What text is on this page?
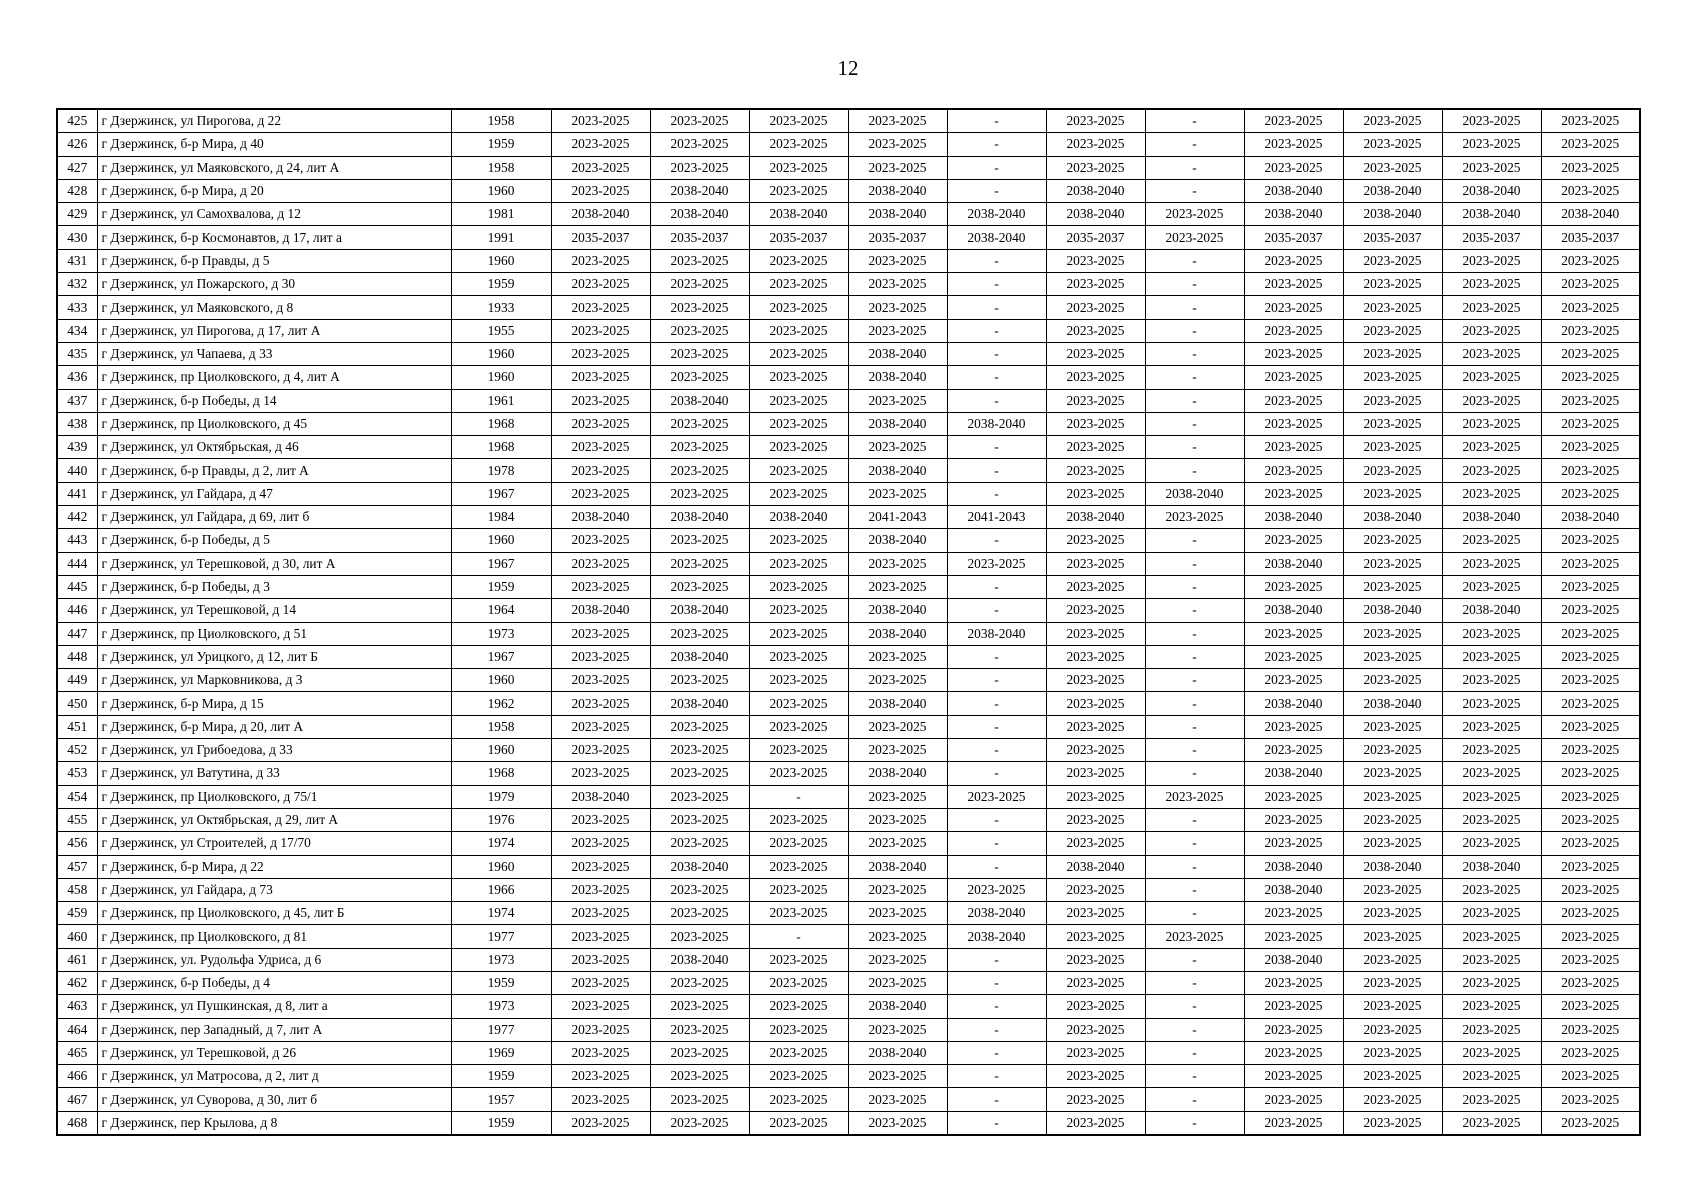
12
425	г Дзержинск, ул Пирогова, д 22	1958	2023-2025	2023-2025	2023-2025	2023-2025	-	2023-2025	-	2023-2025	2023-2025	2023-2025	2023-2025
426	г Дзержинск, б-р Мира, д 40	1959	2023-2025	2023-2025	2023-2025	2023-2025	-	2023-2025	-	2023-2025	2023-2025	2023-2025	2023-2025
427	г Дзержинск, ул Маяковского, д 24, лит А	1958	2023-2025	2023-2025	2023-2025	2023-2025	-	2023-2025	-	2023-2025	2023-2025	2023-2025	2023-2025
428	г Дзержинск, б-р Мира, д 20	1960	2023-2025	2038-2040	2023-2025	2038-2040	-	2038-2040	-	2038-2040	2038-2040	2038-2040	2023-2025
429	г Дзержинск, ул Самохвалова, д 12	1981	2038-2040	2038-2040	2038-2040	2038-2040	2038-2040	2038-2040	2023-2025	2038-2040	2038-2040	2038-2040	2038-2040
430	г Дзержинск, б-р Космонавтов, д 17, лит а	1991	2035-2037	2035-2037	2035-2037	2035-2037	2038-2040	2035-2037	2023-2025	2035-2037	2035-2037	2035-2037	2035-2037
431	г Дзержинск, б-р Правды, д 5	1960	2023-2025	2023-2025	2023-2025	2023-2025	-	2023-2025	-	2023-2025	2023-2025	2023-2025	2023-2025
432	г Дзержинск, ул Пожарского, д 30	1959	2023-2025	2023-2025	2023-2025	2023-2025	-	2023-2025	-	2023-2025	2023-2025	2023-2025	2023-2025
433	г Дзержинск, ул Маяковского, д 8	1933	2023-2025	2023-2025	2023-2025	2023-2025	-	2023-2025	-	2023-2025	2023-2025	2023-2025	2023-2025
434	г Дзержинск, ул Пирогова, д 17, лит А	1955	2023-2025	2023-2025	2023-2025	2023-2025	-	2023-2025	-	2023-2025	2023-2025	2023-2025	2023-2025
435	г Дзержинск, ул Чапаева, д 33	1960	2023-2025	2023-2025	2023-2025	2038-2040	-	2023-2025	-	2023-2025	2023-2025	2023-2025	2023-2025
436	г Дзержинск, пр Циолковского, д 4, лит А	1960	2023-2025	2023-2025	2023-2025	2038-2040	-	2023-2025	-	2023-2025	2023-2025	2023-2025	2023-2025
437	г Дзержинск, б-р Победы, д 14	1961	2023-2025	2038-2040	2023-2025	2023-2025	-	2023-2025	-	2023-2025	2023-2025	2023-2025	2023-2025
438	г Дзержинск, пр Циолковского, д 45	1968	2023-2025	2023-2025	2023-2025	2038-2040	2038-2040	2023-2025	-	2023-2025	2023-2025	2023-2025	2023-2025
439	г Дзержинск, ул Октябрьская, д 46	1968	2023-2025	2023-2025	2023-2025	2023-2025	-	2023-2025	-	2023-2025	2023-2025	2023-2025	2023-2025
440	г Дзержинск, б-р Правды, д 2, лит А	1978	2023-2025	2023-2025	2023-2025	2038-2040	-	2023-2025	-	2023-2025	2023-2025	2023-2025	2023-2025
441	г Дзержинск, ул Гайдара, д 47	1967	2023-2025	2023-2025	2023-2025	2023-2025	-	2023-2025	2038-2040	2023-2025	2023-2025	2023-2025	2023-2025
442	г Дзержинск, ул Гайдара, д 69, лит б	1984	2038-2040	2038-2040	2038-2040	2041-2043	2041-2043	2038-2040	2023-2025	2038-2040	2038-2040	2038-2040	2038-2040
443	г Дзержинск, б-р Победы, д 5	1960	2023-2025	2023-2025	2023-2025	2038-2040	-	2023-2025	-	2023-2025	2023-2025	2023-2025	2023-2025
444	г Дзержинск, ул Терешковой, д 30, лит А	1967	2023-2025	2023-2025	2023-2025	2023-2025	2023-2025	2023-2025	-	2038-2040	2023-2025	2023-2025	2023-2025
445	г Дзержинск, б-р Победы, д 3	1959	2023-2025	2023-2025	2023-2025	2023-2025	-	2023-2025	-	2023-2025	2023-2025	2023-2025	2023-2025
446	г Дзержинск, ул Терешковой, д 14	1964	2038-2040	2038-2040	2023-2025	2038-2040	-	2023-2025	-	2038-2040	2038-2040	2038-2040	2023-2025
447	г Дзержинск, пр Циолковского, д 51	1973	2023-2025	2023-2025	2023-2025	2038-2040	2038-2040	2023-2025	-	2023-2025	2023-2025	2023-2025	2023-2025
448	г Дзержинск, ул Урицкого, д 12, лит Б	1967	2023-2025	2038-2040	2023-2025	2023-2025	-	2023-2025	-	2023-2025	2023-2025	2023-2025	2023-2025
449	г Дзержинск, ул Марковникова, д 3	1960	2023-2025	2023-2025	2023-2025	2023-2025	-	2023-2025	-	2023-2025	2023-2025	2023-2025	2023-2025
450	г Дзержинск, б-р Мира, д 15	1962	2023-2025	2038-2040	2023-2025	2038-2040	-	2023-2025	-	2038-2040	2038-2040	2023-2025	2023-2025
451	г Дзержинск, б-р Мира, д 20, лит А	1958	2023-2025	2023-2025	2023-2025	2023-2025	-	2023-2025	-	2023-2025	2023-2025	2023-2025	2023-2025
452	г Дзержинск, ул Грибоедова, д 33	1960	2023-2025	2023-2025	2023-2025	2023-2025	-	2023-2025	-	2023-2025	2023-2025	2023-2025	2023-2025
453	г Дзержинск, ул Ватутина, д 33	1968	2023-2025	2023-2025	2023-2025	2038-2040	-	2023-2025	-	2038-2040	2023-2025	2023-2025	2023-2025
454	г Дзержинск, пр Циолковского, д 75/1	1979	2038-2040	2023-2025	-	2023-2025	2023-2025	2023-2025	2023-2025	2023-2025	2023-2025	2023-2025	2023-2025
455	г Дзержинск, ул Октябрьская, д 29, лит А	1976	2023-2025	2023-2025	2023-2025	2023-2025	-	2023-2025	-	2023-2025	2023-2025	2023-2025	2023-2025
456	г Дзержинск, ул Строителей, д 17/70	1974	2023-2025	2023-2025	2023-2025	2023-2025	-	2023-2025	-	2023-2025	2023-2025	2023-2025	2023-2025
457	г Дзержинск, б-р Мира, д 22	1960	2023-2025	2038-2040	2023-2025	2038-2040	-	2038-2040	-	2038-2040	2038-2040	2038-2040	2023-2025
458	г Дзержинск, ул Гайдара, д 73	1966	2023-2025	2023-2025	2023-2025	2023-2025	2023-2025	2023-2025	-	2038-2040	2023-2025	2023-2025	2023-2025
459	г Дзержинск, пр Циолковского, д 45, лит Б	1974	2023-2025	2023-2025	2023-2025	2023-2025	2038-2040	2023-2025	-	2023-2025	2023-2025	2023-2025	2023-2025
460	г Дзержинск, пр Циолковского, д 81	1977	2023-2025	2023-2025	-	2023-2025	2038-2040	2023-2025	2023-2025	2023-2025	2023-2025	2023-2025	2023-2025
461	г Дзержинск, ул. Рудольфа Удриса, д 6	1973	2023-2025	2038-2040	2023-2025	2023-2025	-	2023-2025	-	2038-2040	2023-2025	2023-2025	2023-2025
462	г Дзержинск, б-р Победы, д 4	1959	2023-2025	2023-2025	2023-2025	2023-2025	-	2023-2025	-	2023-2025	2023-2025	2023-2025	2023-2025
463	г Дзержинск, ул Пушкинская, д 8, лит а	1973	2023-2025	2023-2025	2023-2025	2038-2040	-	2023-2025	-	2023-2025	2023-2025	2023-2025	2023-2025
464	г Дзержинск, пер Западный, д 7, лит А	1977	2023-2025	2023-2025	2023-2025	2023-2025	-	2023-2025	-	2023-2025	2023-2025	2023-2025	2023-2025
465	г Дзержинск, ул Терешковой, д 26	1969	2023-2025	2023-2025	2023-2025	2038-2040	-	2023-2025	-	2023-2025	2023-2025	2023-2025	2023-2025
466	г Дзержинск, ул Матросова, д 2, лит д	1959	2023-2025	2023-2025	2023-2025	2023-2025	-	2023-2025	-	2023-2025	2023-2025	2023-2025	2023-2025
467	г Дзержинск, ул Суворова, д 30, лит б	1957	2023-2025	2023-2025	2023-2025	2023-2025	-	2023-2025	-	2023-2025	2023-2025	2023-2025	2023-2025
468	г Дзержинск, пер Крылова, д 8	1959	2023-2025	2023-2025	2023-2025	2023-2025	-	2023-2025	-	2023-2025	2023-2025	2023-2025	2023-2025
